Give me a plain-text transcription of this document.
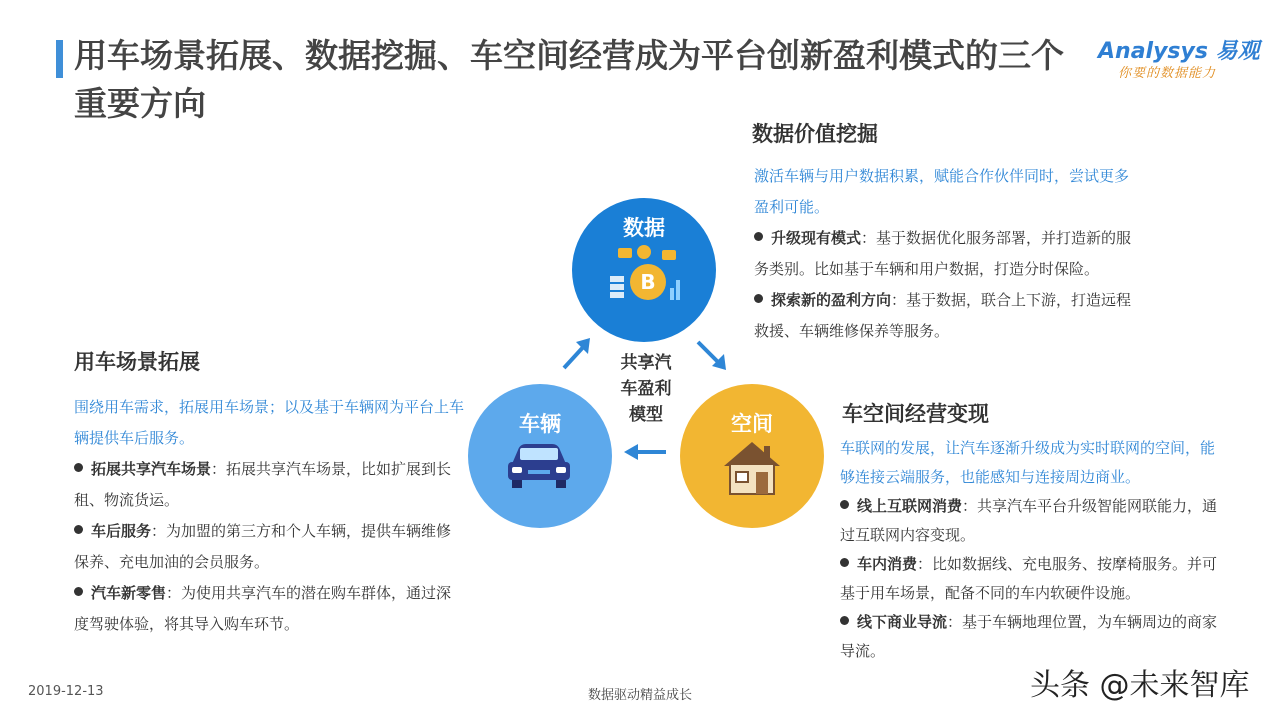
用车场景拓展、数据挖掘、车空间经营成为平台创新盈利模式的三个重要方向
Analysys 易观
你要的数据能力
数据价值挖掘
激活车辆与用户数据积累，赋能合作伙伴同时，尝试更多盈利可能。
升级现有模式：基于数据优化服务部署，并打造新的服务类别。比如基于车辆和用户数据，打造分时保险。
探索新的盈利方向：基于数据，联合上下游，打造远程救援、车辆维修保养等服务。
用车场景拓展
围绕用车需求，拓展用车场景；以及基于车辆网为平台上车辆提供车后服务。
拓展共享汽车场景：拓展共享汽车场景，比如扩展到长租、物流货运。
车后服务：为加盟的第三方和个人车辆，提供车辆维修保养、充电加油的会员服务。
汽车新零售：为使用共享汽车的潜在购车群体，通过深度驾驶体验，将其导入购车环节。
车空间经营变现
车联网的发展，让汽车逐渐升级成为实时联网的空间，能够连接云端服务，也能感知与连接周边商业。
线上互联网消费：共享汽车平台升级智能网联能力，通过互联网内容变现。
车内消费：比如数据线、充电服务、按摩椅服务。并可基于用车场景，配备不同的车内软硬件设施。
线下商业导流：基于车辆地理位置，为车辆周边的商家导流。
数据
B
车辆	空间
共享汽
车盈利
模型
2019-12-13	数据驱动精益成长	头条 @未来智库
